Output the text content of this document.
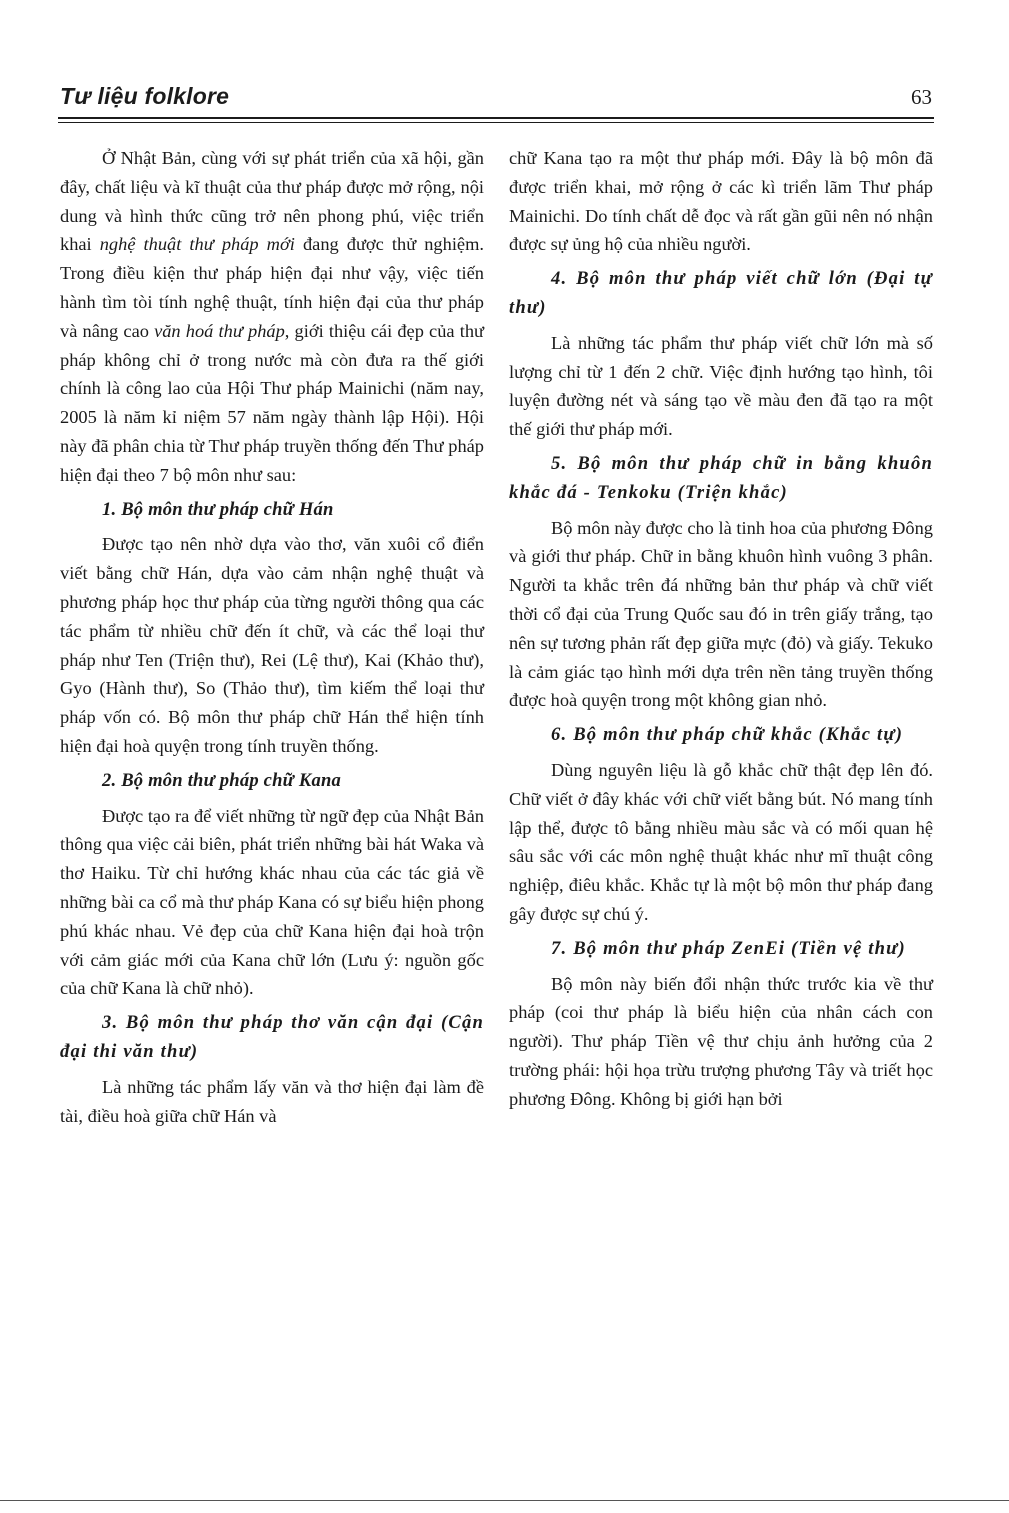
Tư liệu folklore	63

Ở Nhật Bản, cùng với sự phát triển của xã hội, gần đây, chất liệu và kĩ thuật của thư pháp được mở rộng, nội dung và hình thức cũng trở nên phong phú, việc triển khai nghệ thuật thư pháp mới đang được thử nghiệm. Trong điều kiện thư pháp hiện đại như vậy, việc tiến hành tìm tòi tính nghệ thuật, tính hiện đại của thư pháp và nâng cao văn hoá thư pháp, giới thiệu cái đẹp của thư pháp không chỉ ở trong nước mà còn đưa ra thế giới chính là công lao của Hội Thư pháp Mainichi (năm nay, 2005 là năm kỉ niệm 57 năm ngày thành lập Hội). Hội này đã phân chia từ Thư pháp truyền thống đến Thư pháp hiện đại theo 7 bộ môn như sau:

1. Bộ môn thư pháp chữ Hán

Được tạo nên nhờ dựa vào thơ, văn xuôi cổ điển viết bằng chữ Hán, dựa vào cảm nhận nghệ thuật và phương pháp học thư pháp của từng người thông qua các tác phẩm từ nhiều chữ đến ít chữ, và các thể loại thư pháp như Ten (Triện thư), Rei (Lệ thư), Kai (Khảo thư), Gyo (Hành thư), So (Thảo thư), tìm kiếm thể loại thư pháp vốn có. Bộ môn thư pháp chữ Hán thể hiện tính hiện đại hoà quyện trong tính truyền thống.

2. Bộ môn thư pháp chữ Kana

Được tạo ra để viết những từ ngữ đẹp của Nhật Bản thông qua việc cải biên, phát triển những bài hát Waka và thơ Haiku. Từ chỉ hướng khác nhau của các tác giả về những bài ca cổ mà thư pháp Kana có sự biểu hiện phong phú khác nhau. Vẻ đẹp của chữ Kana hiện đại hoà trộn với cảm giác mới của Kana chữ lớn (Lưu ý: nguồn gốc của chữ Kana là chữ nhỏ).

3. Bộ môn thư pháp thơ văn cận đại (Cận đại thi văn thư)

Là những tác phẩm lấy văn và thơ hiện đại làm đề tài, điều hoà giữa chữ Hán và

chữ Kana tạo ra một thư pháp mới. Đây là bộ môn đã được triển khai, mở rộng ở các kì triển lãm Thư pháp Mainichi. Do tính chất dễ đọc và rất gần gũi nên nó nhận được sự ủng hộ của nhiều người.

4. Bộ môn thư pháp viết chữ lớn (Đại tự thư)

Là những tác phẩm thư pháp viết chữ lớn mà số lượng chỉ từ 1 đến 2 chữ. Việc định hướng tạo hình, tôi luyện đường nét và sáng tạo về màu đen đã tạo ra một thế giới thư pháp mới.

5. Bộ môn thư pháp chữ in bằng khuôn khắc đá - Tenkoku (Triện khắc)

Bộ môn này được cho là tinh hoa của phương Đông và giới thư pháp. Chữ in bằng khuôn hình vuông 3 phân. Người ta khắc trên đá những bản thư pháp và chữ viết thời cổ đại của Trung Quốc sau đó in trên giấy trắng, tạo nên sự tương phản rất đẹp giữa mực (đỏ) và giấy. Tekuko là cảm giác tạo hình mới dựa trên nền tảng truyền thống được hoà quyện trong một không gian nhỏ.

6. Bộ môn thư pháp chữ khắc (Khắc tự)

Dùng nguyên liệu là gỗ khắc chữ thật đẹp lên đó. Chữ viết ở đây khác với chữ viết bằng bút. Nó mang tính lập thể, được tô bằng nhiều màu sắc và có mối quan hệ sâu sắc với các môn nghệ thuật khác như mĩ thuật công nghiệp, điêu khắc. Khắc tự là một bộ môn thư pháp đang gây được sự chú ý.

7. Bộ môn thư pháp ZenEi (Tiền vệ thư)

Bộ môn này biến đổi nhận thức trước kia về thư pháp (coi thư pháp là biểu hiện của nhân cách con người). Thư pháp Tiền vệ thư chịu ảnh hưởng của 2 trường phái: hội họa trừu trượng phương Tây và triết học phương Đông. Không bị giới hạn bởi
